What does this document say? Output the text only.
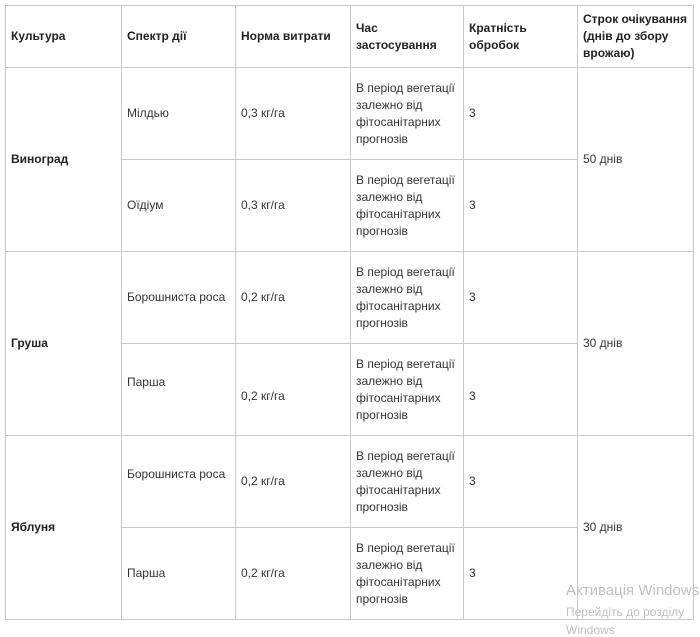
Культура	Спектр дії	Норма витрати	Час застосування	Кратність обробок	Строк очікування (днів до збору врожаю)
Виноград	Мілдью	0,3 кг/га	В період вегетації залежно від фітосанітарних прогнозів	3	50 днів
	Оїдіум	0,3 кг/га	В період вегетації залежно від фітосанітарних прогнозів	3	
Груша	Борошниста роса	0,2 кг/га	В період вегетації залежно від фітосанітарних прогнозів	3	30 днів

	Парша	0,2 кг/га	В період вегетації залежно від фітосанітарних прогнозів	3	

Яблуня	Борошниста роса	0,2 кг/га	В період вегетації залежно від фітосанітарних прогнозів	3	30 днів
	Парша	0,2 кг/га	В період вегетації залежно від фітосанітарних прогнозів	3	
Активація Windows
Перейдіть до розділу
Windows
